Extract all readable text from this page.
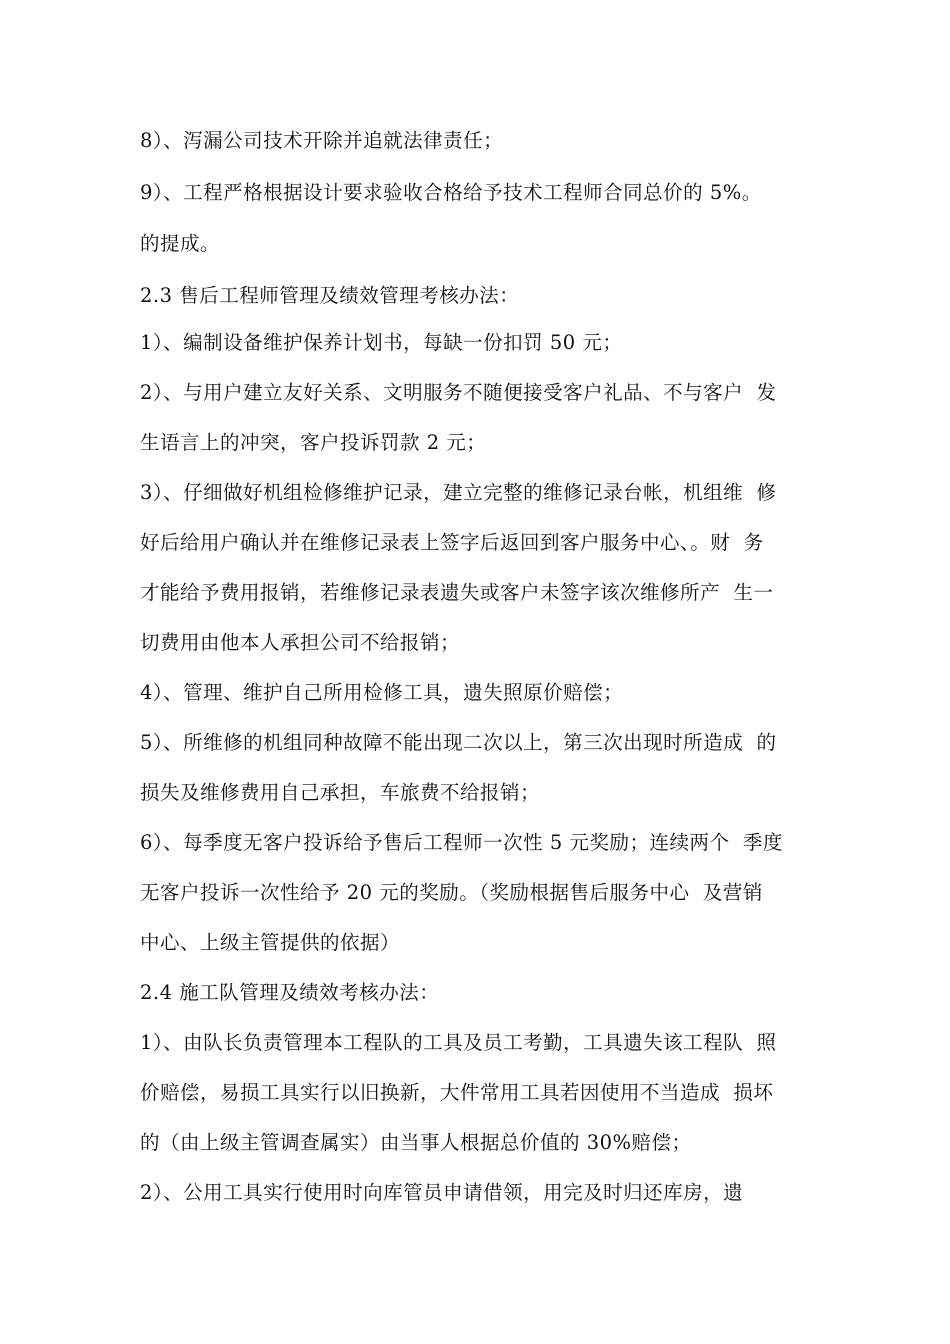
8）、泻漏公司技术开除并追就法律责任；
9）、工程严格根据设计要求验收合格给予技术工程师合同总价的 5%。
的提成。
2.3 售后工程师管理及绩效管理考核办法：
1）、编制设备维护保养计划书，每缺一份扣罚 50 元；
2）、与用户建立友好关系、文明服务不随便接受客户礼品、不与客户  发
生语言上的冲突，客户投诉罚款 2 元；
3）、仔细做好机组检修维护记录，建立完整的维修记录台帐，机组维  修
好后给用户确认并在维修记录表上签字后返回到客户服务中心、。财  务
才能给予费用报销，若维修记录表遗失或客户未签字该次维修所产  生一
切费用由他本人承担公司不给报销；
4）、管理、维护自己所用检修工具，遗失照原价赔偿；
5）、所维修的机组同种故障不能出现二次以上，第三次出现时所造成  的
损失及维修费用自己承担，车旅费不给报销；
6）、每季度无客户投诉给予售后工程师一次性 5 元奖励；连续两个  季度
无客户投诉一次性给予 20 元的奖励。（奖励根据售后服务中心  及营销
中心、上级主管提供的依据）
2.4 施工队管理及绩效考核办法：
1）、由队长负责管理本工程队的工具及员工考勤，工具遗失该工程队  照
价赔偿，易损工具实行以旧换新，大件常用工具若因使用不当造成  损坏
的（由上级主管调查属实）由当事人根据总价值的 30%赔偿；
2）、公用工具实行使用时向库管员申请借领，用完及时归还库房，遗
